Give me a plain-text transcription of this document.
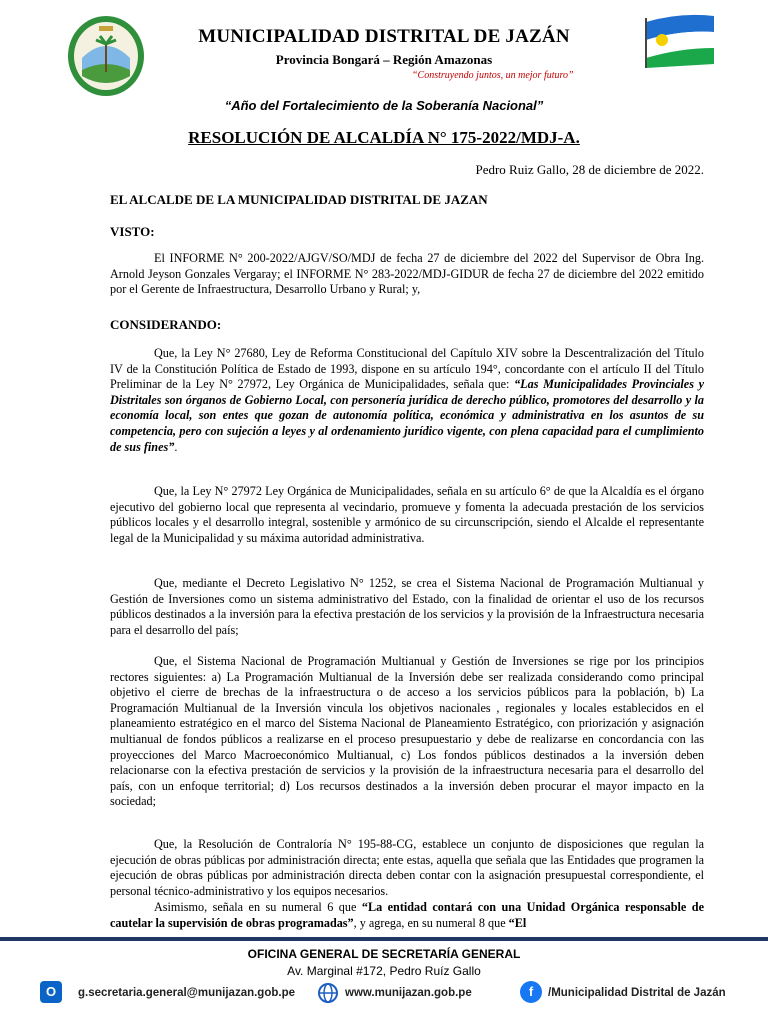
MUNICIPALIDAD DISTRITAL DE JAZÁN
Provincia Bongará – Región Amazonas
“Construyendo juntos, un mejor futuro”
“Año del Fortalecimiento de la Soberanía Nacional”
RESOLUCIÓN DE ALCALDÍA N° 175-2022/MDJ-A.
Pedro Ruiz Gallo, 28 de diciembre de 2022.
EL ALCALDE DE LA MUNICIPALIDAD DISTRITAL DE JAZAN
VISTO:
El INFORME N° 200-2022/AJGV/SO/MDJ de fecha 27 de diciembre del 2022 del Supervisor de Obra Ing. Arnold Jeyson Gonzales Vergaray; el INFORME N° 283-2022/MDJ-GIDUR de fecha 27 de diciembre del 2022 emitido por el Gerente de Infraestructura, Desarrollo Urbano y Rural; y,
CONSIDERANDO:
Que, la Ley N° 27680, Ley de Reforma Constitucional del Capítulo XIV sobre la Descentralización del Título IV de la Constitución Política de Estado de 1993, dispone en su artículo 194°, concordante con el artículo II del Título Preliminar de la Ley N° 27972, Ley Orgánica de Municipalidades, señala que: “Las Municipalidades Provinciales y Distritales son órganos de Gobierno Local, con personería jurídica de derecho público, promotores del desarrollo y la economía local, son entes que gozan de autonomía política, económica y administrativa en los asuntos de su competencia, pero con sujeción a leyes y al ordenamiento jurídico vigente, con plena capacidad para el cumplimiento de sus fines”.
Que, la Ley N° 27972 Ley Orgánica de Municipalidades, señala en su artículo 6° de que la Alcaldía es el órgano ejecutivo del gobierno local que representa al vecindario, promueve y fomenta la adecuada prestación de los servicios públicos locales y el desarrollo integral, sostenible y armónico de su circunscripción, siendo el Alcalde el representante legal de la Municipalidad y su máxima autoridad administrativa.
Que, mediante el Decreto Legislativo N° 1252, se crea el Sistema Nacional de Programación Multianual y Gestión de Inversiones como un sistema administrativo del Estado, con la finalidad de orientar el uso de los recursos públicos destinados a la inversión para la efectiva prestación de los servicios y la provisión de la Infraestructura necesaria para el desarrollo del país;
Que, el Sistema Nacional de Programación Multianual y Gestión de Inversiones se rige por los principios rectores siguientes: a) La Programación Multianual de la Inversión debe ser realizada considerando como principal objetivo el cierre de brechas de la infraestructura o de acceso a los servicios públicos para la población, b) La Programación Multianual de la Inversión vincula los objetivos nacionales , regionales y locales establecidos en el planeamiento estratégico en el marco del Sistema Nacional de Planeamiento Estratégico, con priorización y asignación multianual de fondos públicos a realizarse en el proceso presupuestario y debe de realizarse en concordancia con las proyecciones del Marco Macroeconómico Multianual, c) Los fondos públicos destinados a la inversión deben relacionarse con la efectiva prestación de servicios y la provisión de la infraestructura necesaria para el desarrollo del país, con un enfoque territorial; d) Los recursos destinados a la inversión deben procurar el mayor impacto en la sociedad;
Que, la Resolución de Contraloría N° 195-88-CG, establece un conjunto de disposiciones que regulan la ejecución de obras públicas por administración directa; ente estas, aquella que señala que las Entidades que programen la ejecución de obras públicas por administración directa deben contar con la asignación presupuestal correspondiente, el personal técnico-administrativo y los equipos necesarios.
Asimismo, señala en su numeral 6 que “La entidad contará con una Unidad Orgánica responsable de cautelar la supervisión de obras programadas”, y agrega, en su numeral 8 que “El
OFICINA GENERAL DE SECRETARÍA GENERAL
Av. Marginal #172, Pedro Ruíz Gallo
O	g.secretaria.general@munijazan.gob.pe	www.munijazan.gob.pe	f	/Municipalidad Distrital de Jazán
